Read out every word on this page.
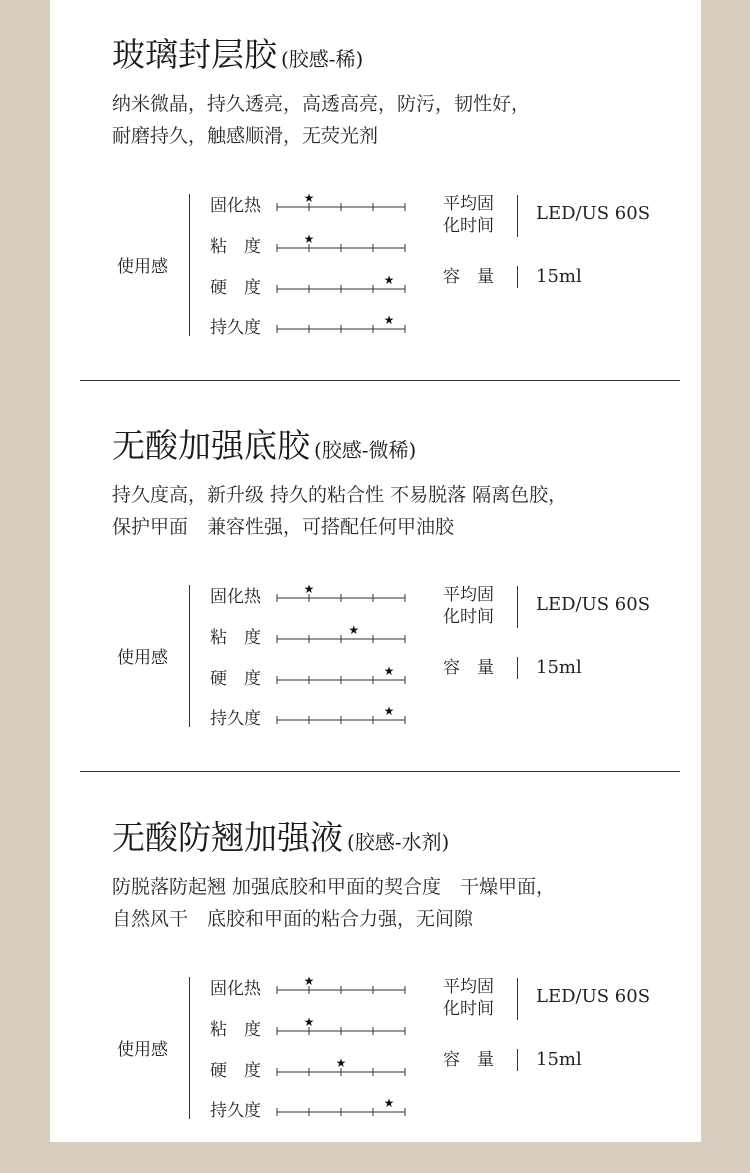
玻璃封层胶 (胶感-稀)
纳米微晶，持久透亮，高透高亮，防污，韧性好，
耐磨持久，触感顺滑，无荧光剂
使用感
固化热	★
粘　度	★
硬　度	★
持久度	★
平均固
化时间
LED/US 60S
容　量 15ml
无酸加强底胶 (胶感-微稀)
持久度高，新升级 持久的粘合性 不易脱落 隔离色胶，
保护甲面　兼容性强，可搭配任何甲油胶
使用感
固化热	★
粘　度	★
硬　度	★
持久度	★
平均固
化时间
LED/US 60S
容　量 15ml
无酸防翘加强液 (胶感-水剂)
防脱落防起翘 加强底胶和甲面的契合度　干燥甲面，
自然风干　底胶和甲面的粘合力强，无间隙
使用感
固化热	★
粘　度	★
硬　度	★
持久度	★
平均固
化时间
LED/US 60S
容　量 15ml
